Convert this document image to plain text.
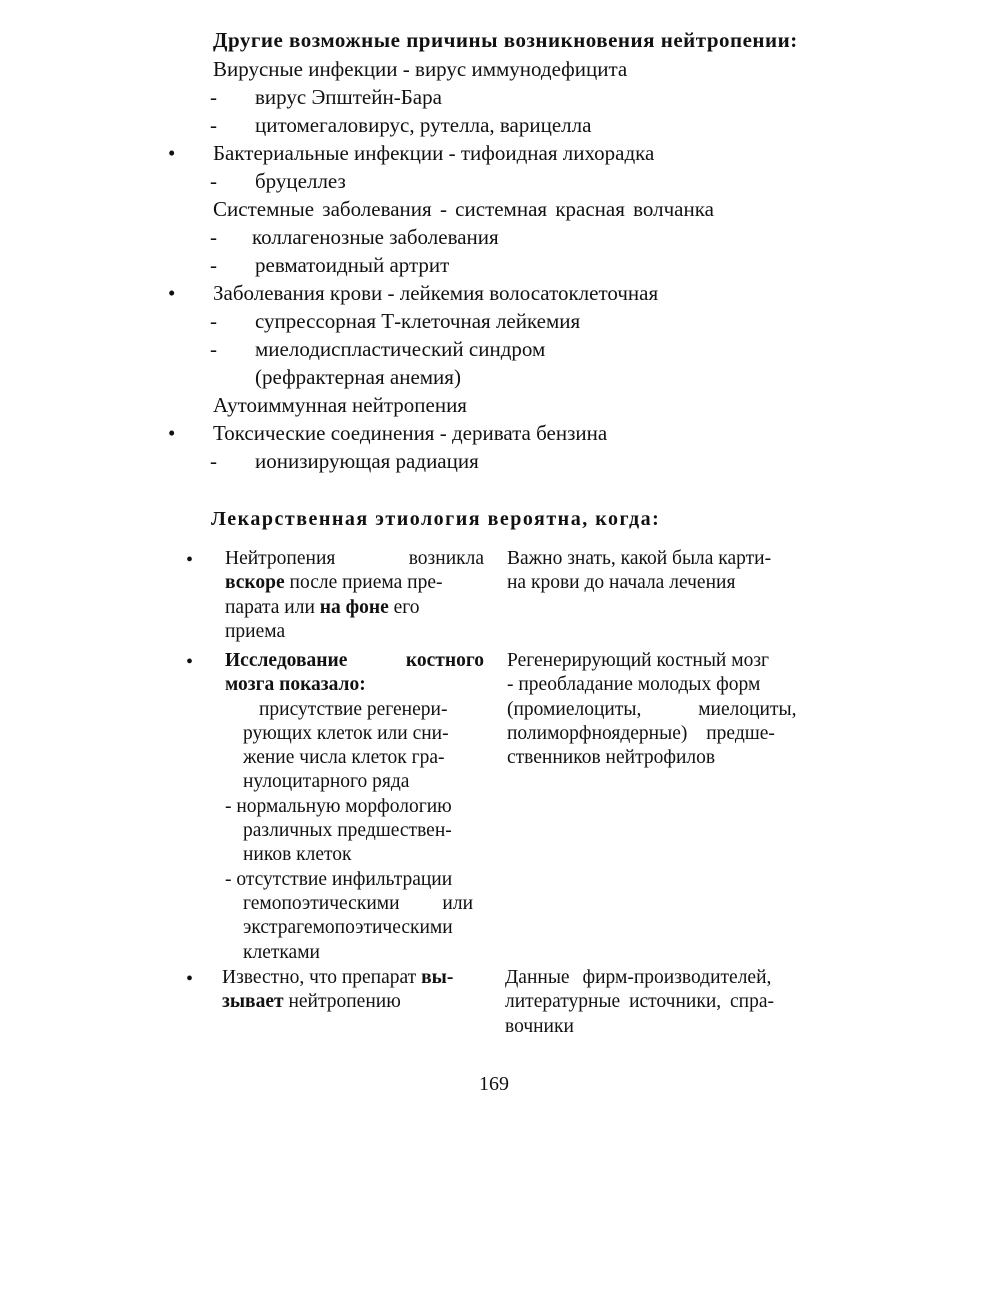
Другие возможные причины возникновения нейтропении:
Вирусные инфекции - вирус иммунодефицита
- вирус Эпштейн-Бара
- цитомегаловирус, рутелла, варицелла
• Бактериальные инфекции - тифоидная лихорадка
- бруцеллез
Системные заболевания - системная красная волчанка
- коллагенозные заболевания
- ревматоидный артрит
• Заболевания крови - лейкемия волосатоклеточная
- супрессорная Т-клеточная лейкемия
- миелодиспластический синдром
(рефрактерная анемия)
Аутоиммунная нейтропения
• Токсические соединения - деривата бензина
- ионизирующая радиация
Лекарственная этиология вероятна, когда:
• Нейтропения	возникла
вскоре после приема пре-
парата или на фоне его
приема
Важно знать, какой была карти-
на крови до начала лечения
• Исследование	костного
мозга показало:
присутствие регенери-
рующих клеток или сни-
жение числа клеток гра-
нулоцитарного ряда
- нормальную морфологию
различных предшествен-
ников клеток
- отсутствие инфильтрации
гемопоэтическими или
экстрагемопоэтическими
клетками
Регенерирующий костный мозг
- преобладание молодых форм
(промиелоциты, миелоциты,
полиморфноядерные) предше-
ственников нейтрофилов
• Известно, что препарат вы-
зывает нейтропению
Данные фирм-производителей,
литературные источники, спра-
вочники
169
